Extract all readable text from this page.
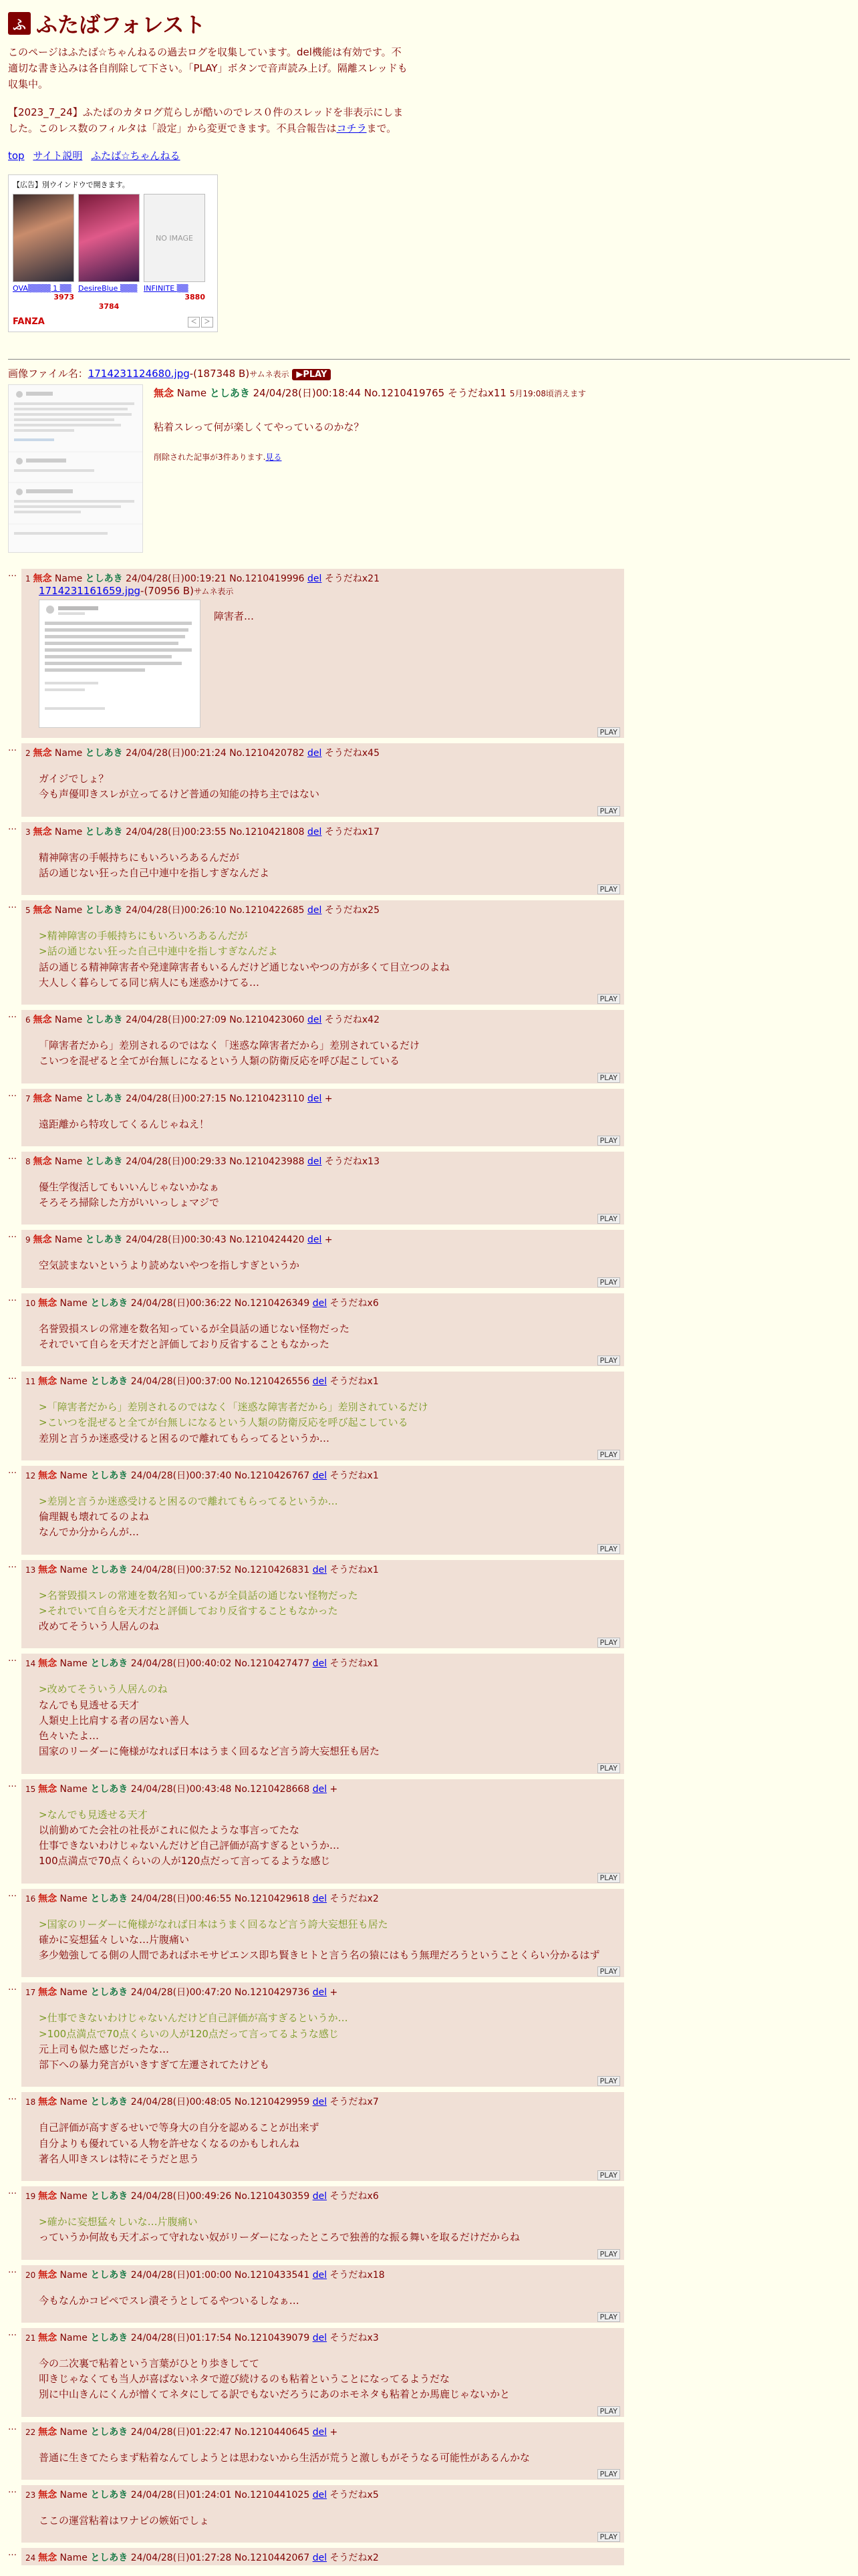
ふ ふたばフォレスト

このページはふたば☆ちゃんねるの過去ログを収集しています。del機能は有効です。不適切な書き込みは各自削除して下さい。「PLAY」ボタンで音声読み上げ。隔離スレッドも収集中。

【2023_7_24】ふたばのカタログ荒らしが酷いのでレス０件のスレッドを非表示にしました。このレス数のフィルタは「設定」から変更できます。不具合報告はコチラまで。

top サイト説明 ふたば☆ちゃんねる
【広告】別ウインドウで開きます。
OVA▒▒▒▒ 1 ▒▒
3973
DesireBlue ▒▒▒
3784
NO IMAGE
INFINITE ▒▒
3880
FANZA	＜ ＞
画像ファイル名：1714231124680.jpg-(187348 B)サムネ表示 ▶PLAY
無念 Name としあき 24/04/28(日)00:18:44 No.1210419765 そうだねx11 5月19:08頃消えます
粘着スレって何が楽しくてやっているのかな？
削除された記事が3件あります.見る
…	1 無念 Name としあき 24/04/28(日)00:19:21 No.1210419996 del そうだねx21
1714231161659.jpg-(70956 B)サムネ表示
障害者…
PLAY
…	2 無念 Name としあき 24/04/28(日)00:21:24 No.1210420782 del そうだねx45
ガイジでしょ？
今も声優叩きスレが立ってるけど普通の知能の持ち主ではない
PLAY
…	3 無念 Name としあき 24/04/28(日)00:23:55 No.1210421808 del そうだねx17
精神障害の手帳持ちにもいろいろあるんだが
話の通じない狂った自己中連中を指しすぎなんだよ
PLAY
…	5 無念 Name としあき 24/04/28(日)00:26:10 No.1210422685 del そうだねx25
>精神障害の手帳持ちにもいろいろあるんだが
>話の通じない狂った自己中連中を指しすぎなんだよ
話の通じる精神障害者や発達障害者もいるんだけど通じないやつの方が多くて目立つのよね
大人しく暮らしてる同じ病人にも迷惑かけてる…
PLAY
…	6 無念 Name としあき 24/04/28(日)00:27:09 No.1210423060 del そうだねx42
「障害者だから」差別されるのではなく「迷惑な障害者だから」差別されているだけ
こいつを混ぜると全てが台無しになるという人類の防衛反応を呼び起こしている
PLAY
…	7 無念 Name としあき 24/04/28(日)00:27:15 No.1210423110 del +
遠距離から特攻してくるんじゃねえ！
PLAY
…	8 無念 Name としあき 24/04/28(日)00:29:33 No.1210423988 del そうだねx13
優生学復活してもいいんじゃないかなぁ
そろそろ掃除した方がいいっしょマジで
PLAY
…	9 無念 Name としあき 24/04/28(日)00:30:43 No.1210424420 del +
空気読まないというより読めないやつを指しすぎというか
PLAY
…	10 無念 Name としあき 24/04/28(日)00:36:22 No.1210426349 del そうだねx6
名誉毀損スレの常連を数名知っているが全員話の通じない怪物だった
それでいて自らを天才だと評価しており反省することもなかった
PLAY
…	11 無念 Name としあき 24/04/28(日)00:37:00 No.1210426556 del そうだねx1
>「障害者だから」差別されるのではなく「迷惑な障害者だから」差別されているだけ
>こいつを混ぜると全てが台無しになるという人類の防衛反応を呼び起こしている
差別と言うか迷惑受けると困るので離れてもらってるというか…
PLAY
…	12 無念 Name としあき 24/04/28(日)00:37:40 No.1210426767 del そうだねx1
>差別と言うか迷惑受けると困るので離れてもらってるというか…
倫理観も壊れてるのよね
なんでか分からんが…
PLAY
…	13 無念 Name としあき 24/04/28(日)00:37:52 No.1210426831 del そうだねx1
>名誉毀損スレの常連を数名知っているが全員話の通じない怪物だった
>それでいて自らを天才だと評価しており反省することもなかった
改めてそういう人居んのね
PLAY
…	14 無念 Name としあき 24/04/28(日)00:40:02 No.1210427477 del そうだねx1
>改めてそういう人居んのね
なんでも見透せる天才
人類史上比肩する者の居ない善人
色々いたよ…
国家のリーダーに俺様がなれば日本はうまく回るなど言う誇大妄想狂も居た
PLAY
…	15 無念 Name としあき 24/04/28(日)00:43:48 No.1210428668 del +
>なんでも見透せる天才
以前勤めてた会社の社長がこれに似たような事言ってたな
仕事できないわけじゃないんだけど自己評価が高すぎるというか…
100点満点で70点くらいの人が120点だって言ってるような感じ
PLAY
…	16 無念 Name としあき 24/04/28(日)00:46:55 No.1210429618 del そうだねx2
>国家のリーダーに俺様がなれば日本はうまく回るなど言う誇大妄想狂も居た
確かに妄想猛々しいな…片腹痛い
多少勉強してる側の人間であればホモサピエンス即ち賢きヒトと言う名の猿にはもう無理だろうということくらい分かるはず
PLAY
…	17 無念 Name としあき 24/04/28(日)00:47:20 No.1210429736 del +
>仕事できないわけじゃないんだけど自己評価が高すぎるというか…
>100点満点で70点くらいの人が120点だって言ってるような感じ
元上司も似た感じだったな…
部下への暴力発言がいきすぎて左遷されてたけども
PLAY
…	18 無念 Name としあき 24/04/28(日)00:48:05 No.1210429959 del そうだねx7
自己評価が高すぎるせいで等身大の自分を認めることが出来ず
自分よりも優れている人物を許せなくなるのかもしれんね
著名人叩きスレは特にそうだと思う
PLAY
…	19 無念 Name としあき 24/04/28(日)00:49:26 No.1210430359 del そうだねx6
>確かに妄想猛々しいな…片腹痛い
っていうか何故も天才ぶって守れない奴がリーダーになったところで独善的な振る舞いを取るだけだからね
PLAY
…	20 無念 Name としあき 24/04/28(日)01:00:00 No.1210433541 del そうだねx18
今もなんかコピペでスレ潰そうとしてるやついるしなぁ…
PLAY
…	21 無念 Name としあき 24/04/28(日)01:17:54 No.1210439079 del そうだねx3
今の二次裏で粘着という言葉がひとり歩きしてて
叩きじゃなくても当人が喜ばないネタで遊び続けるのも粘着ということになってるようだな
別に中山きんにくんが憎くてネタにしてる訳でもないだろうにあのホモネタも粘着とか馬鹿じゃないかと
PLAY
…	22 無念 Name としあき 24/04/28(日)01:22:47 No.1210440645 del +
普通に生きてたらまず粘着なんてしようとは思わないから生活が荒うと激しもがそうなる可能性があるんかな
PLAY
…	23 無念 Name としあき 24/04/28(日)01:24:01 No.1210441025 del そうだねx5
ここの運営粘着はワナビの嫉妬でしょ
PLAY
…	24 無念 Name としあき 24/04/28(日)01:27:28 No.1210442067 del そうだねx2
